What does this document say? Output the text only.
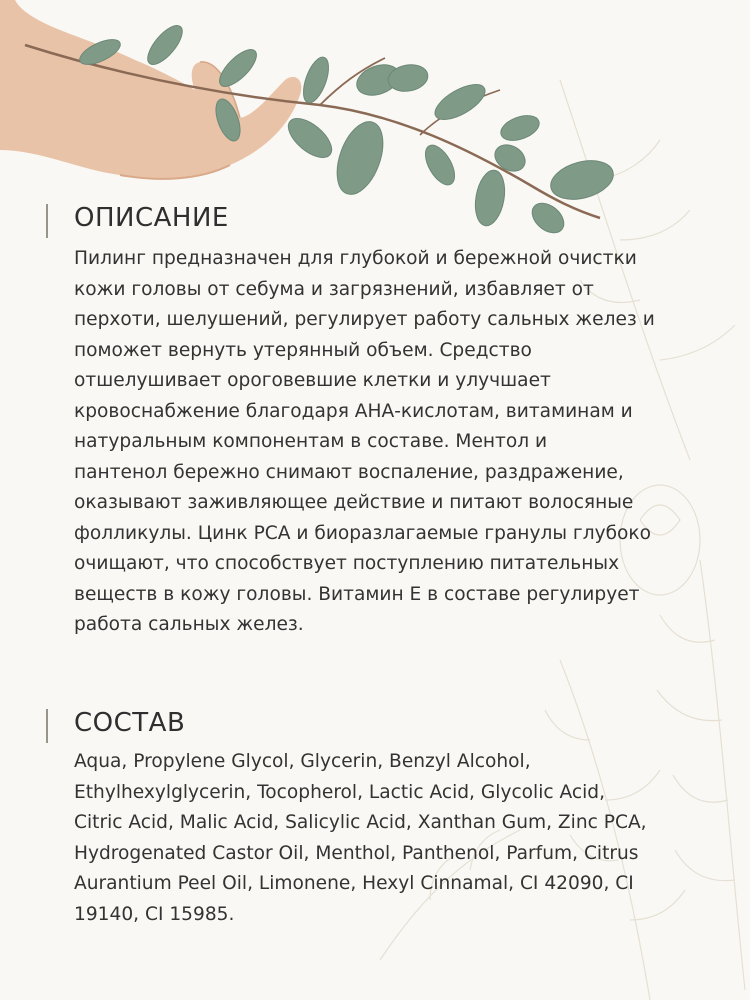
ОПИСАНИЕ

Пилинг предназначен для глубокой и бережной очистки
кожи головы от себума и загрязнений, избавляет от
перхоти, шелушений, регулирует работу сальных желез и
поможет вернуть утерянный объем. Средство
отшелушивает ороговевшие клетки и улучшает
кровоснабжение благодаря АНА-кислотам, витаминам и
натуральным компонентам в составе. Ментол и
пантенол бережно снимают воспаление, раздражение,
оказывают заживляющее действие и питают волосяные
фолликулы. Цинк РСА и биоразлагаемые гранулы глубоко
очищают, что способствует поступлению питательных
веществ в кожу головы. Витамин Е в составе регулирует
работа сальных желез.

СОСТАВ

Aqua, Propylene Glycol, Glycerin, Benzyl Alcohol,
Ethylhexylglycerin, Tocopherol, Lactic Acid, Glycolic Acid,
Citric Acid, Malic Acid, Salicylic Acid, Xanthan Gum, Zinc PCA,
Hydrogenated Castor Oil, Menthol, Panthenol, Parfum, Citrus
Aurantium Peel Oil, Limonene, Hexyl Cinnamal, CI 42090, CI
19140, CI 15985.
